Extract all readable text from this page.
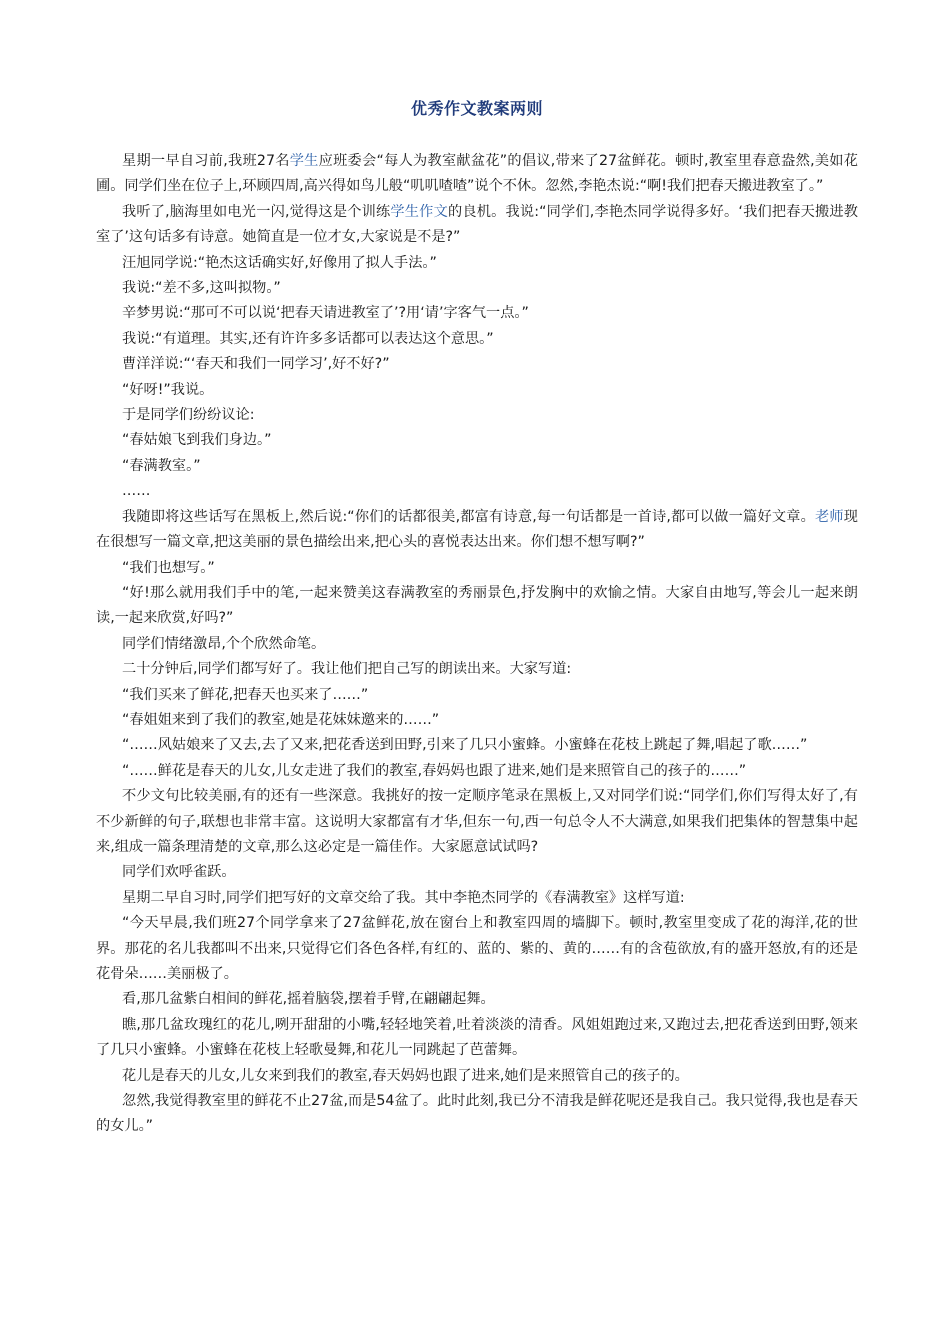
优秀作文教案两则

星期一早自习前,我班27名学生应班委会“每人为教室献盆花”的倡议,带来了27盆鲜花。顿时,教室里春意盎然,美如花圃。同学们坐在位子上,环顾四周,高兴得如鸟儿般“叽叽喳喳”说个不休。忽然,李艳杰说:“啊!我们把春天搬进教室了。”

我听了,脑海里如电光一闪,觉得这是个训练学生作文的良机。我说:“同学们,李艳杰同学说得多好。‘我们把春天搬进教室了’这句话多有诗意。她简直是一位才女,大家说是不是?”

汪旭同学说:“艳杰这话确实好,好像用了拟人手法。”

我说:“差不多,这叫拟物。”

辛梦男说:“那可不可以说‘把春天请进教室了’?用‘请’字客气一点。”

我说:“有道理。其实,还有许许多多话都可以表达这个意思。”

曹洋洋说:“‘春天和我们一同学习’,好不好?”

“好呀!”我说。

于是同学们纷纷议论:

“春姑娘飞到我们身边。”

“春满教室。”

……

我随即将这些话写在黑板上,然后说:“你们的话都很美,都富有诗意,每一句话都是一首诗,都可以做一篇好文章。老师现在很想写一篇文章,把这美丽的景色描绘出来,把心头的喜悦表达出来。你们想不想写啊?”

“我们也想写。”

“好!那么就用我们手中的笔,一起来赞美这春满教室的秀丽景色,抒发胸中的欢愉之情。大家自由地写,等会儿一起来朗读,一起来欣赏,好吗?”

同学们情绪激昂,个个欣然命笔。

二十分钟后,同学们都写好了。我让他们把自己写的朗读出来。大家写道:

“我们买来了鲜花,把春天也买来了……”

“春姐姐来到了我们的教室,她是花妹妹邀来的……”

“……风姑娘来了又去,去了又来,把花香送到田野,引来了几只小蜜蜂。小蜜蜂在花枝上跳起了舞,唱起了歌……”

“……鲜花是春天的儿女,儿女走进了我们的教室,春妈妈也跟了进来,她们是来照管自己的孩子的……”

不少文句比较美丽,有的还有一些深意。我挑好的按一定顺序笔录在黑板上,又对同学们说:“同学们,你们写得太好了,有不少新鲜的句子,联想也非常丰富。这说明大家都富有才华,但东一句,西一句总令人不大满意,如果我们把集体的智慧集中起来,组成一篇条理清楚的文章,那么这必定是一篇佳作。大家愿意试试吗?

同学们欢呼雀跃。

星期二早自习时,同学们把写好的文章交给了我。其中李艳杰同学的《春满教室》这样写道:

“今天早晨,我们班27个同学拿来了27盆鲜花,放在窗台上和教室四周的墙脚下。顿时,教室里变成了花的海洋,花的世界。那花的名儿我都叫不出来,只觉得它们各色各样,有红的、蓝的、紫的、黄的……有的含苞欲放,有的盛开怒放,有的还是花骨朵……美丽极了。

看,那几盆紫白相间的鲜花,摇着脑袋,摆着手臂,在翩翩起舞。

瞧,那几盆玫瑰红的花儿,咧开甜甜的小嘴,轻轻地笑着,吐着淡淡的清香。风姐姐跑过来,又跑过去,把花香送到田野,领来了几只小蜜蜂。小蜜蜂在花枝上轻歌曼舞,和花儿一同跳起了芭蕾舞。

花儿是春天的儿女,儿女来到我们的教室,春天妈妈也跟了进来,她们是来照管自己的孩子的。

忽然,我觉得教室里的鲜花不止27盆,而是54盆了。此时此刻,我已分不清我是鲜花呢还是我自己。我只觉得,我也是春天的女儿。”
